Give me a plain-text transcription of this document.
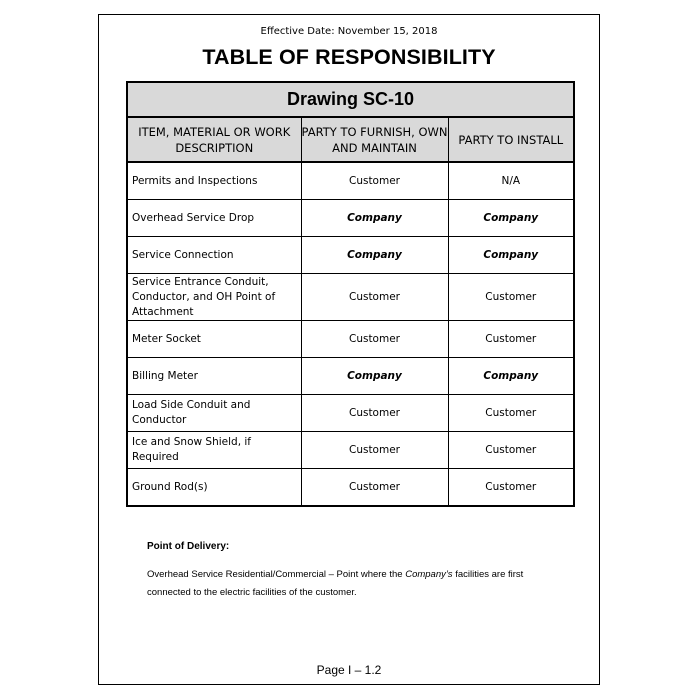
Effective Date: November 15, 2018
TABLE OF RESPONSIBILITY
Drawing SC-10		
ITEM, MATERIAL OR WORK DESCRIPTION	PARTY TO FURNISH, OWN AND MAINTAIN	PARTY TO INSTALL
Permits and Inspections	Customer	N/A
Overhead Service Drop	Company	Company
Service Connection	Company	Company
Service Entrance Conduit, Conductor, and OH Point of Attachment	Customer	Customer
Meter Socket	Customer	Customer
Billing Meter	Company	Company
Load Side Conduit and Conductor	Customer	Customer
Ice and Snow Shield, if Required	Customer	Customer
Ground Rod(s)	Customer	Customer
Point of Delivery:
Overhead Service Residential/Commercial – Point where the Company’s facilities are first connected to the electric facilities of the customer.
Page I – 1.2
